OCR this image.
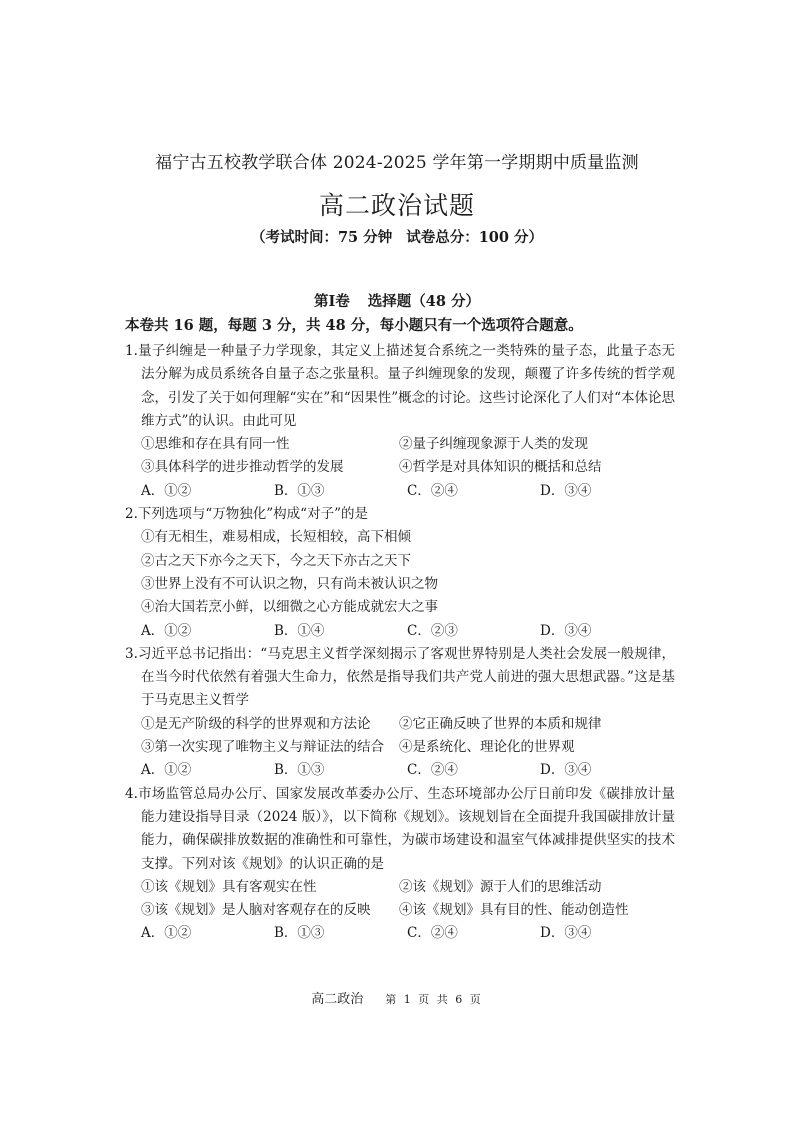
福宁古五校教学联合体 2024-2025 学年第一学期期中质量监测
高二政治试题
（考试时间：75 分钟 试卷总分：100 分）
第Ⅰ卷 选择题（48 分）
本卷共 16 题，每题 3 分，共 48 分，每小题只有一个选项符合题意。
1.量子纠缠是一种量子力学现象，其定义上描述复合系统之一类特殊的量子态，此量子态无法分解为成员系统各自量子态之张量积。量子纠缠现象的发现，颠覆了许多传统的哲学观念，引发了关于如何理解“实在”和“因果性”概念的讨论。这些讨论深化了人们对“本体论思维方式”的认识。由此可见
①思维和存在具有同一性	②量子纠缠现象源于人类的发现
③具体科学的进步推动哲学的发展	④哲学是对具体知识的概括和总结
A．①②	B．①③	C．②④	D．③④
2.下列选项与“万物独化”构成“对子”的是
①有无相生，难易相成，长短相较，高下相倾
②古之天下亦今之天下，今之天下亦古之天下
③世界上没有不可认识之物，只有尚未被认识之物
④治大国若烹小鲜，以细微之心方能成就宏大之事
A．①②	B．①④	C．②③	D．③④
3.习近平总书记指出：“马克思主义哲学深刻揭示了客观世界特别是人类社会发展一般规律，在当今时代依然有着强大生命力，依然是指导我们共产党人前进的强大思想武器。”这是基于马克思主义哲学
①是无产阶级的科学的世界观和方法论	②它正确反映了世界的本质和规律
③第一次实现了唯物主义与辩证法的结合	④是系统化、理论化的世界观
A．①②	B．①③	C．②④	D．③④
4.市场监管总局办公厅、国家发展改革委办公厅、生态环境部办公厅日前印发《碳排放计量能力建设指导目录（2024 版）》，以下简称《规划》。该规划旨在全面提升我国碳排放计量能力，确保碳排放数据的准确性和可靠性，为碳市场建设和温室气体减排提供坚实的技术支撑。下列对该《规划》的认识正确的是
①该《规划》具有客观实在性	②该《规划》源于人们的思维活动
③该《规划》是人脑对客观存在的反映	④该《规划》具有目的性、能动创造性
A．①②	B．①③	C．②④	D．③④
高二政治 第 1 页 共 6 页
